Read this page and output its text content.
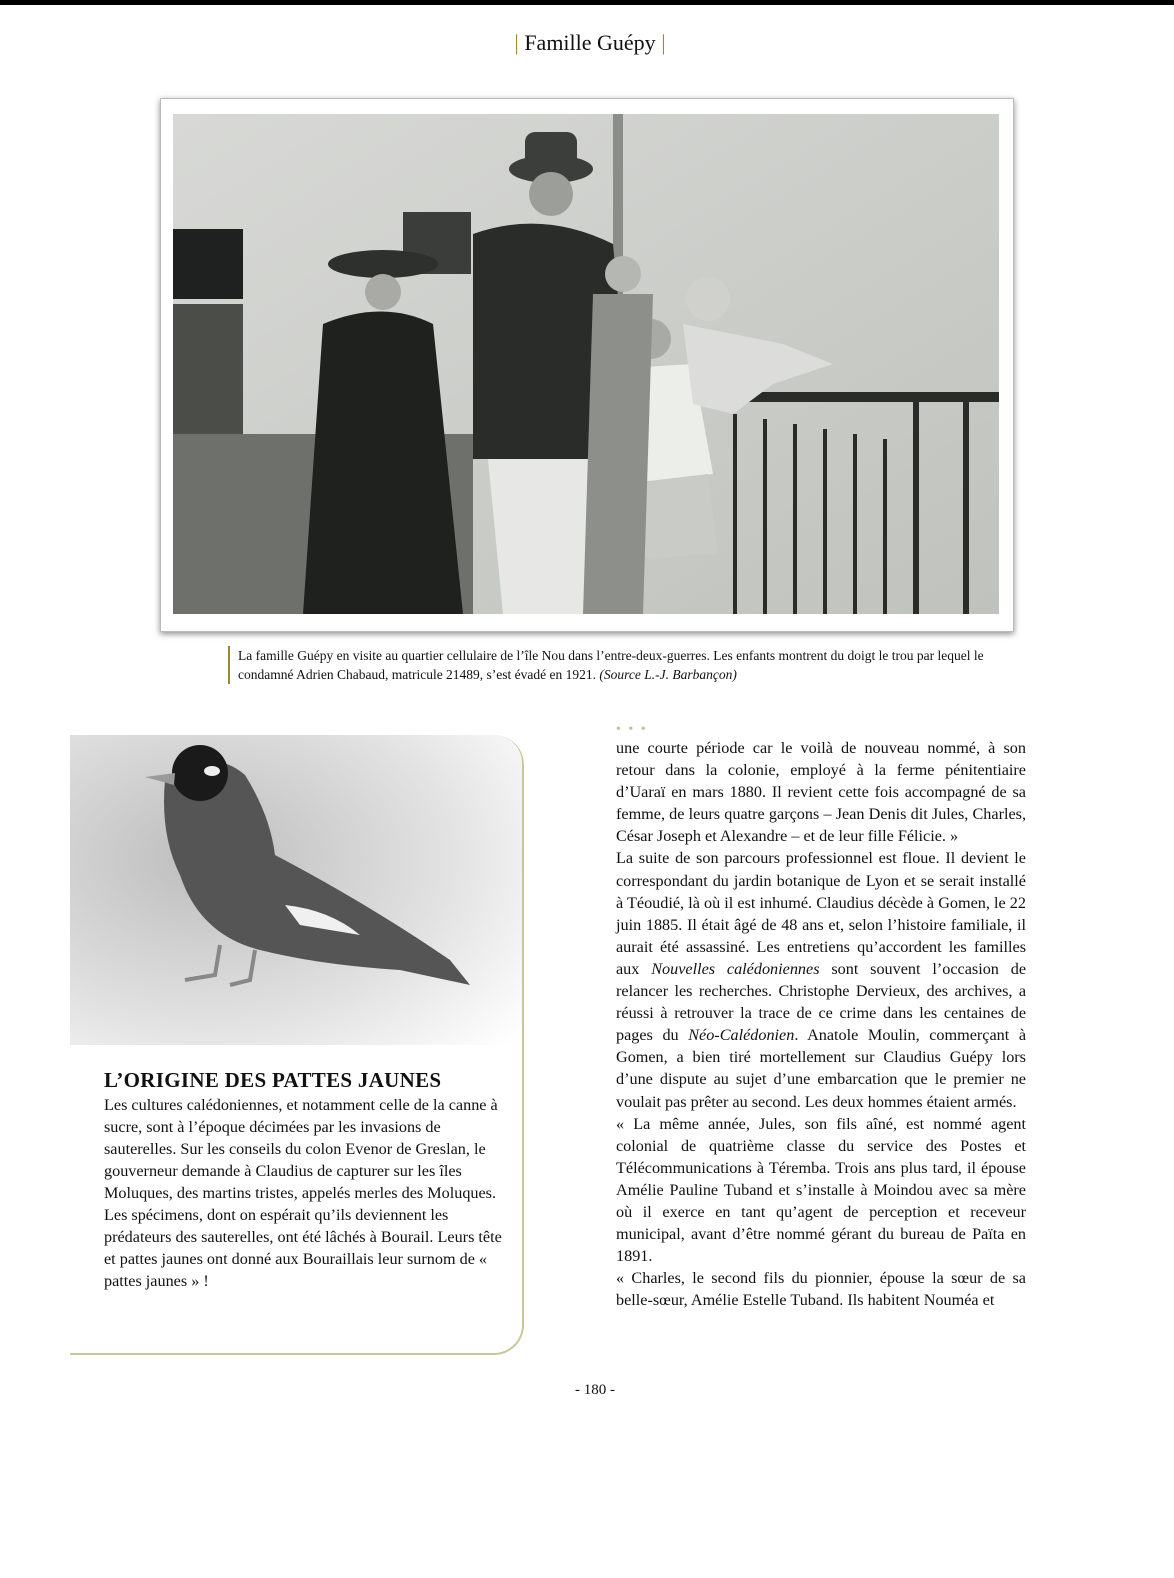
| Famille Guépy |
La famille Guépy en visite au quartier cellulaire de l’île Nou dans l’entre-deux-guerres. Les enfants montrent du doigt le trou par lequel le condamné Adrien Chabaud, matricule 21489, s’est évadé en 1921. (Source L.-J. Barbançon)
• • •
L’ORIGINE DES PATTES JAUNES
Les cultures calédoniennes, et notamment celle de la canne à sucre, sont à l’époque décimées par les invasions de sauterelles. Sur les conseils du colon Evenor de Greslan, le gouverneur demande à Claudius de capturer sur les îles Moluques, des martins tristes, appelés merles des Moluques. Les spécimens, dont on espérait qu’ils deviennent les prédateurs des sauterelles, ont été lâchés à Bourail. Leurs tête et pattes jaunes ont donné aux Bouraillais leur surnom de « pattes jaunes » !

une courte période car le voilà de nouveau nommé, à son retour dans la colonie, employé à la ferme pénitentiaire d’Uaraï en mars 1880. Il revient cette fois accompagné de sa femme, de leurs quatre garçons – Jean Denis dit Jules, Charles, César Joseph et Alexandre – et de leur fille Félicie. »

La suite de son parcours professionnel est floue. Il devient le correspondant du jardin botanique de Lyon et se serait installé à Téoudié, là où il est inhumé. Claudius décède à Gomen, le 22 juin 1885. Il était âgé de 48 ans et, selon l’histoire familiale, il aurait été assassiné. Les entretiens qu’accordent les familles aux Nouvelles calédoniennes sont souvent l’occasion de relancer les recherches. Christophe Dervieux, des archives, a réussi à retrouver la trace de ce crime dans les centaines de pages du Néo-Calédonien. Anatole Moulin, commerçant à Gomen, a bien tiré mortellement sur Claudius Guépy lors d’une dispute au sujet d’une embarcation que le premier ne voulait pas prêter au second. Les deux hommes étaient armés.

« La même année, Jules, son fils aîné, est nommé agent colonial de quatrième classe du service des Postes et Télécommunications à Téremba. Trois ans plus tard, il épouse Amélie Pauline Tuband et s’installe à Moindou avec sa mère où il exerce en tant qu’agent de perception et receveur municipal, avant d’être nommé gérant du bureau de Païta en 1891.

« Charles, le second fils du pionnier, épouse la sœur de sa belle-sœur, Amélie Estelle Tuband. Ils habitent Nouméa et

- 180 -
